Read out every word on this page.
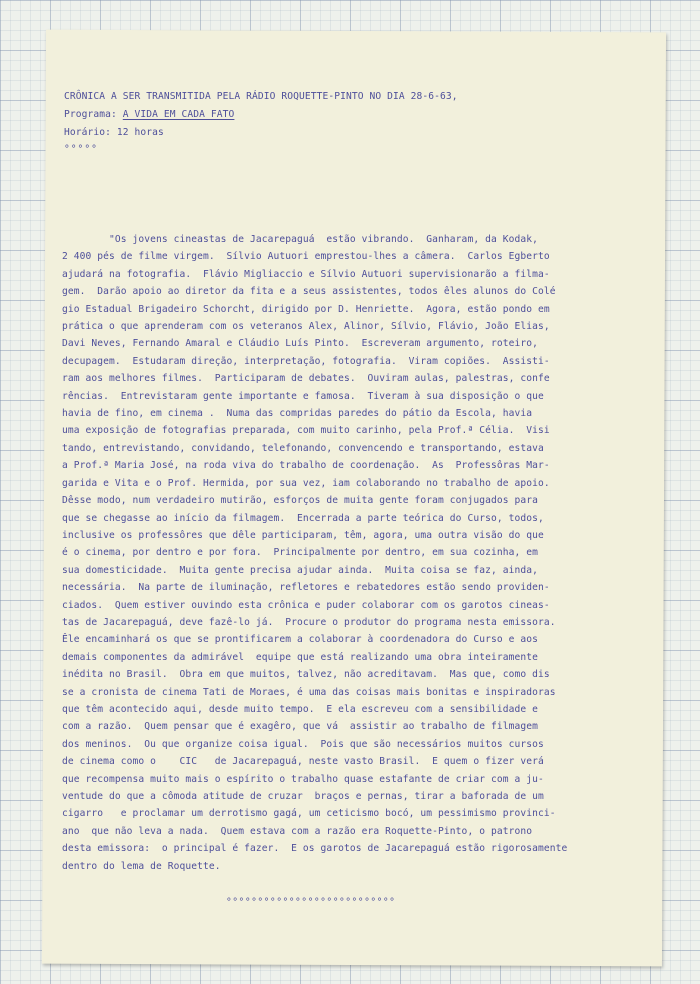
CRÔNICA A SER TRANSMITIDA PELA RÁDIO ROQUETTE-PINTO NO DIA 28-6-63,
Programa: A VIDA EM CADA FATO
Horário: 12 horas
°°°°°
"Os jovens cineastas de Jacarepaguá  estão vibrando.  Ganharam, da Kodak,
2 400 pés de filme virgem.  Sílvio Autuori emprestou-lhes a câmera.  Carlos Egberto
ajudará na fotografia.  Flávio Migliaccio e Sílvio Autuori supervisionarão a filma-
gem.  Darão apoio ao diretor da fita e a seus assistentes, todos êles alunos do Colé
gio Estadual Brigadeiro Schorcht, dirigido por D. Henriette.  Agora, estão pondo em
prática o que aprenderam com os veteranos Alex, Alinor, Sílvio, Flávio, João Elias,
Davi Neves, Fernando Amaral e Cláudio Luís Pinto.  Escreveram argumento, roteiro,
decupagem.  Estudaram direção, interpretação, fotografia.  Viram copiões.  Assisti-
ram aos melhores filmes.  Participaram de debates.  Ouviram aulas, palestras, confe
rências.  Entrevistaram gente importante e famosa.  Tiveram à sua disposição o que
havia de fino, em cinema .  Numa das compridas paredes do pátio da Escola, havia
uma exposição de fotografias preparada, com muito carinho, pela Prof.ª Célia.  Visi
tando, entrevistando, convidando, telefonando, convencendo e transportando, estava
a Prof.ª Maria José, na roda viva do trabalho de coordenação.  As  Professôras Mar-
garida e Vita e o Prof. Hermida, por sua vez, iam colaborando no trabalho de apoio.
Dêsse modo, num verdadeiro mutirão, esforços de muita gente foram conjugados para
que se chegasse ao início da filmagem.  Encerrada a parte teórica do Curso, todos,
inclusive os professôres que dêle participaram, têm, agora, uma outra visão do que
é o cinema, por dentro e por fora.  Principalmente por dentro, em sua cozinha, em
sua domesticidade.  Muita gente precisa ajudar ainda.  Muita coisa se faz, ainda,
necessária.  Na parte de iluminação, refletores e rebatedores estão sendo providen-
ciados.  Quem estiver ouvindo esta crônica e puder colaborar com os garotos cineas-
tas de Jacarepaguá, deve fazê-lo já.  Procure o produtor do programa nesta emissora.
Êle encaminhará os que se prontificarem a colaborar à coordenadora do Curso e aos
demais componentes da admirável  equipe que está realizando uma obra inteiramente
inédita no Brasil.  Obra em que muitos, talvez, não acreditavam.  Mas que, como dis
se a cronista de cinema Tati de Moraes, é uma das coisas mais bonitas e inspiradoras
que têm acontecido aqui, desde muito tempo.  E ela escreveu com a sensibilidade e
com a razão.  Quem pensar que é exagêro, que vá  assistir ao trabalho de filmagem
dos meninos.  Ou que organize coisa igual.  Pois que são necessários muitos cursos
de cinema como o    CIC   de Jacarepaguá, neste vasto Brasil.  E quem o fizer verá
que recompensa muito mais o espírito o trabalho quase estafante de criar com a ju-
ventude do que a cômoda atitude de cruzar  braços e pernas, tirar a baforada de um
cigarro   e proclamar um derrotismo gagá, um ceticismo bocó, um pessimismo provinci-
ano  que não leva a nada.  Quem estava com a razão era Roquette-Pinto, o patrono
desta emissora:  o principal é fazer.  E os garotos de Jacarepaguá estão rigorosamente
dentro do lema de Roquette.
°°°°°°°°°°°°°°°°°°°°°°°°°°°
